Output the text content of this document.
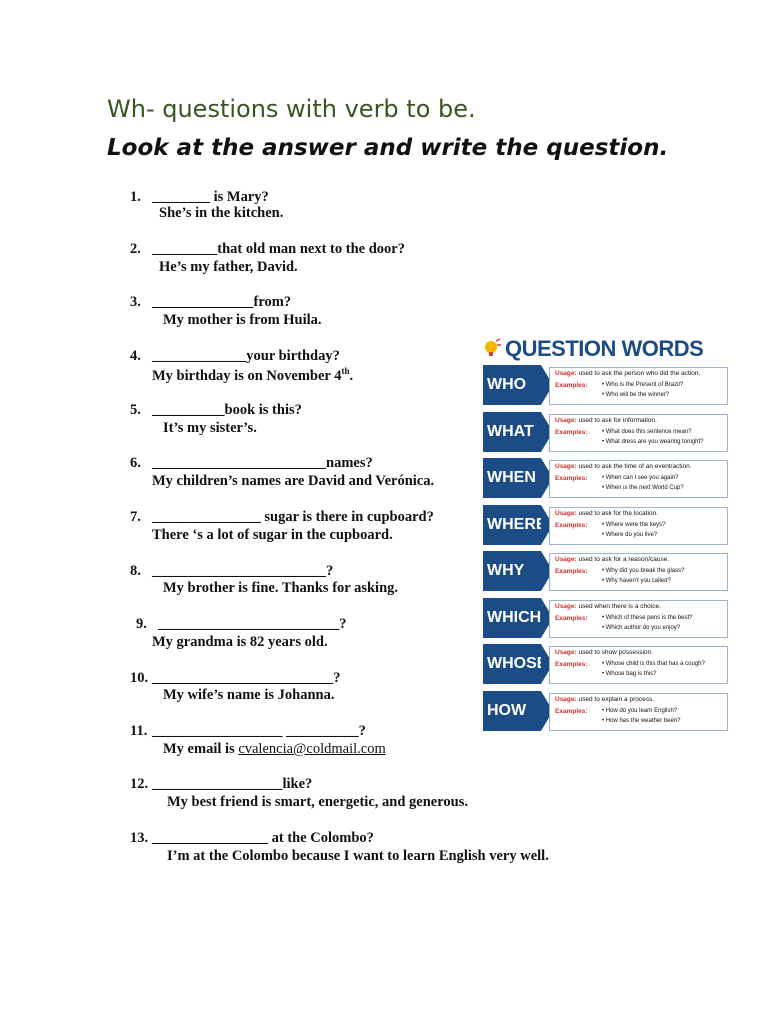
Wh- questions with verb to be.
Look at the answer and write the question.
1. ________ is Mary?
She’s in the kitchen.
2. _________that old man next to the door?
He’s my father, David.
3. ______________from?
My mother is from Huila.
4. _____________your birthday?
My birthday is on November 4th.
5. __________book is this?
It’s my sister’s.
6. ________________________names?
My children’s names are David and Verónica.
7. _______________ sugar is there in cupboard?
There ‘s a lot of sugar in the cupboard.
8. ________________________?
My brother is fine. Thanks for asking.
9. _________________________?
My grandma is 82 years old.
10. _________________________?
My wife’s name is Johanna.
11. __________________ __________?
My email is cvalencia@coldmail.com
12. __________________like?
My best friend is smart, energetic, and generous.
13. ________________ at the Colombo?
I’m at the Colombo because I want to learn English very well.
QUESTION WORDS
WHO
Usage: used to ask the person who did the action.
Examples: • Who is the Present of Brazil?
• Who will be the winner?
WHAT
Usage: used to ask for information.
Examples: • What does this sentence mean?
• What dress are you wearing tonight?
WHEN
Usage: used to ask the time of an event/action.
Examples: • When can I see you again?
• When is the next World Cup?
WHERE
Usage: used to ask for the location.
Examples: • Where were the keys?
• Where do you live?
WHY
Usage: used to ask for a reason/cause.
Examples: • Why did you break the glass?
• Why haven’t you called?
WHICH
Usage: used when there is a choice.
Examples: • Which of these pens is the best?
• Which author do you enjoy?
WHOSE
Usage: used to show possession.
Examples: • Whose child is this that has a cough?
• Whose bag is this?
HOW
Usage: used to explain a process.
Examples: • How do you learn English?
• How has the weather been?
